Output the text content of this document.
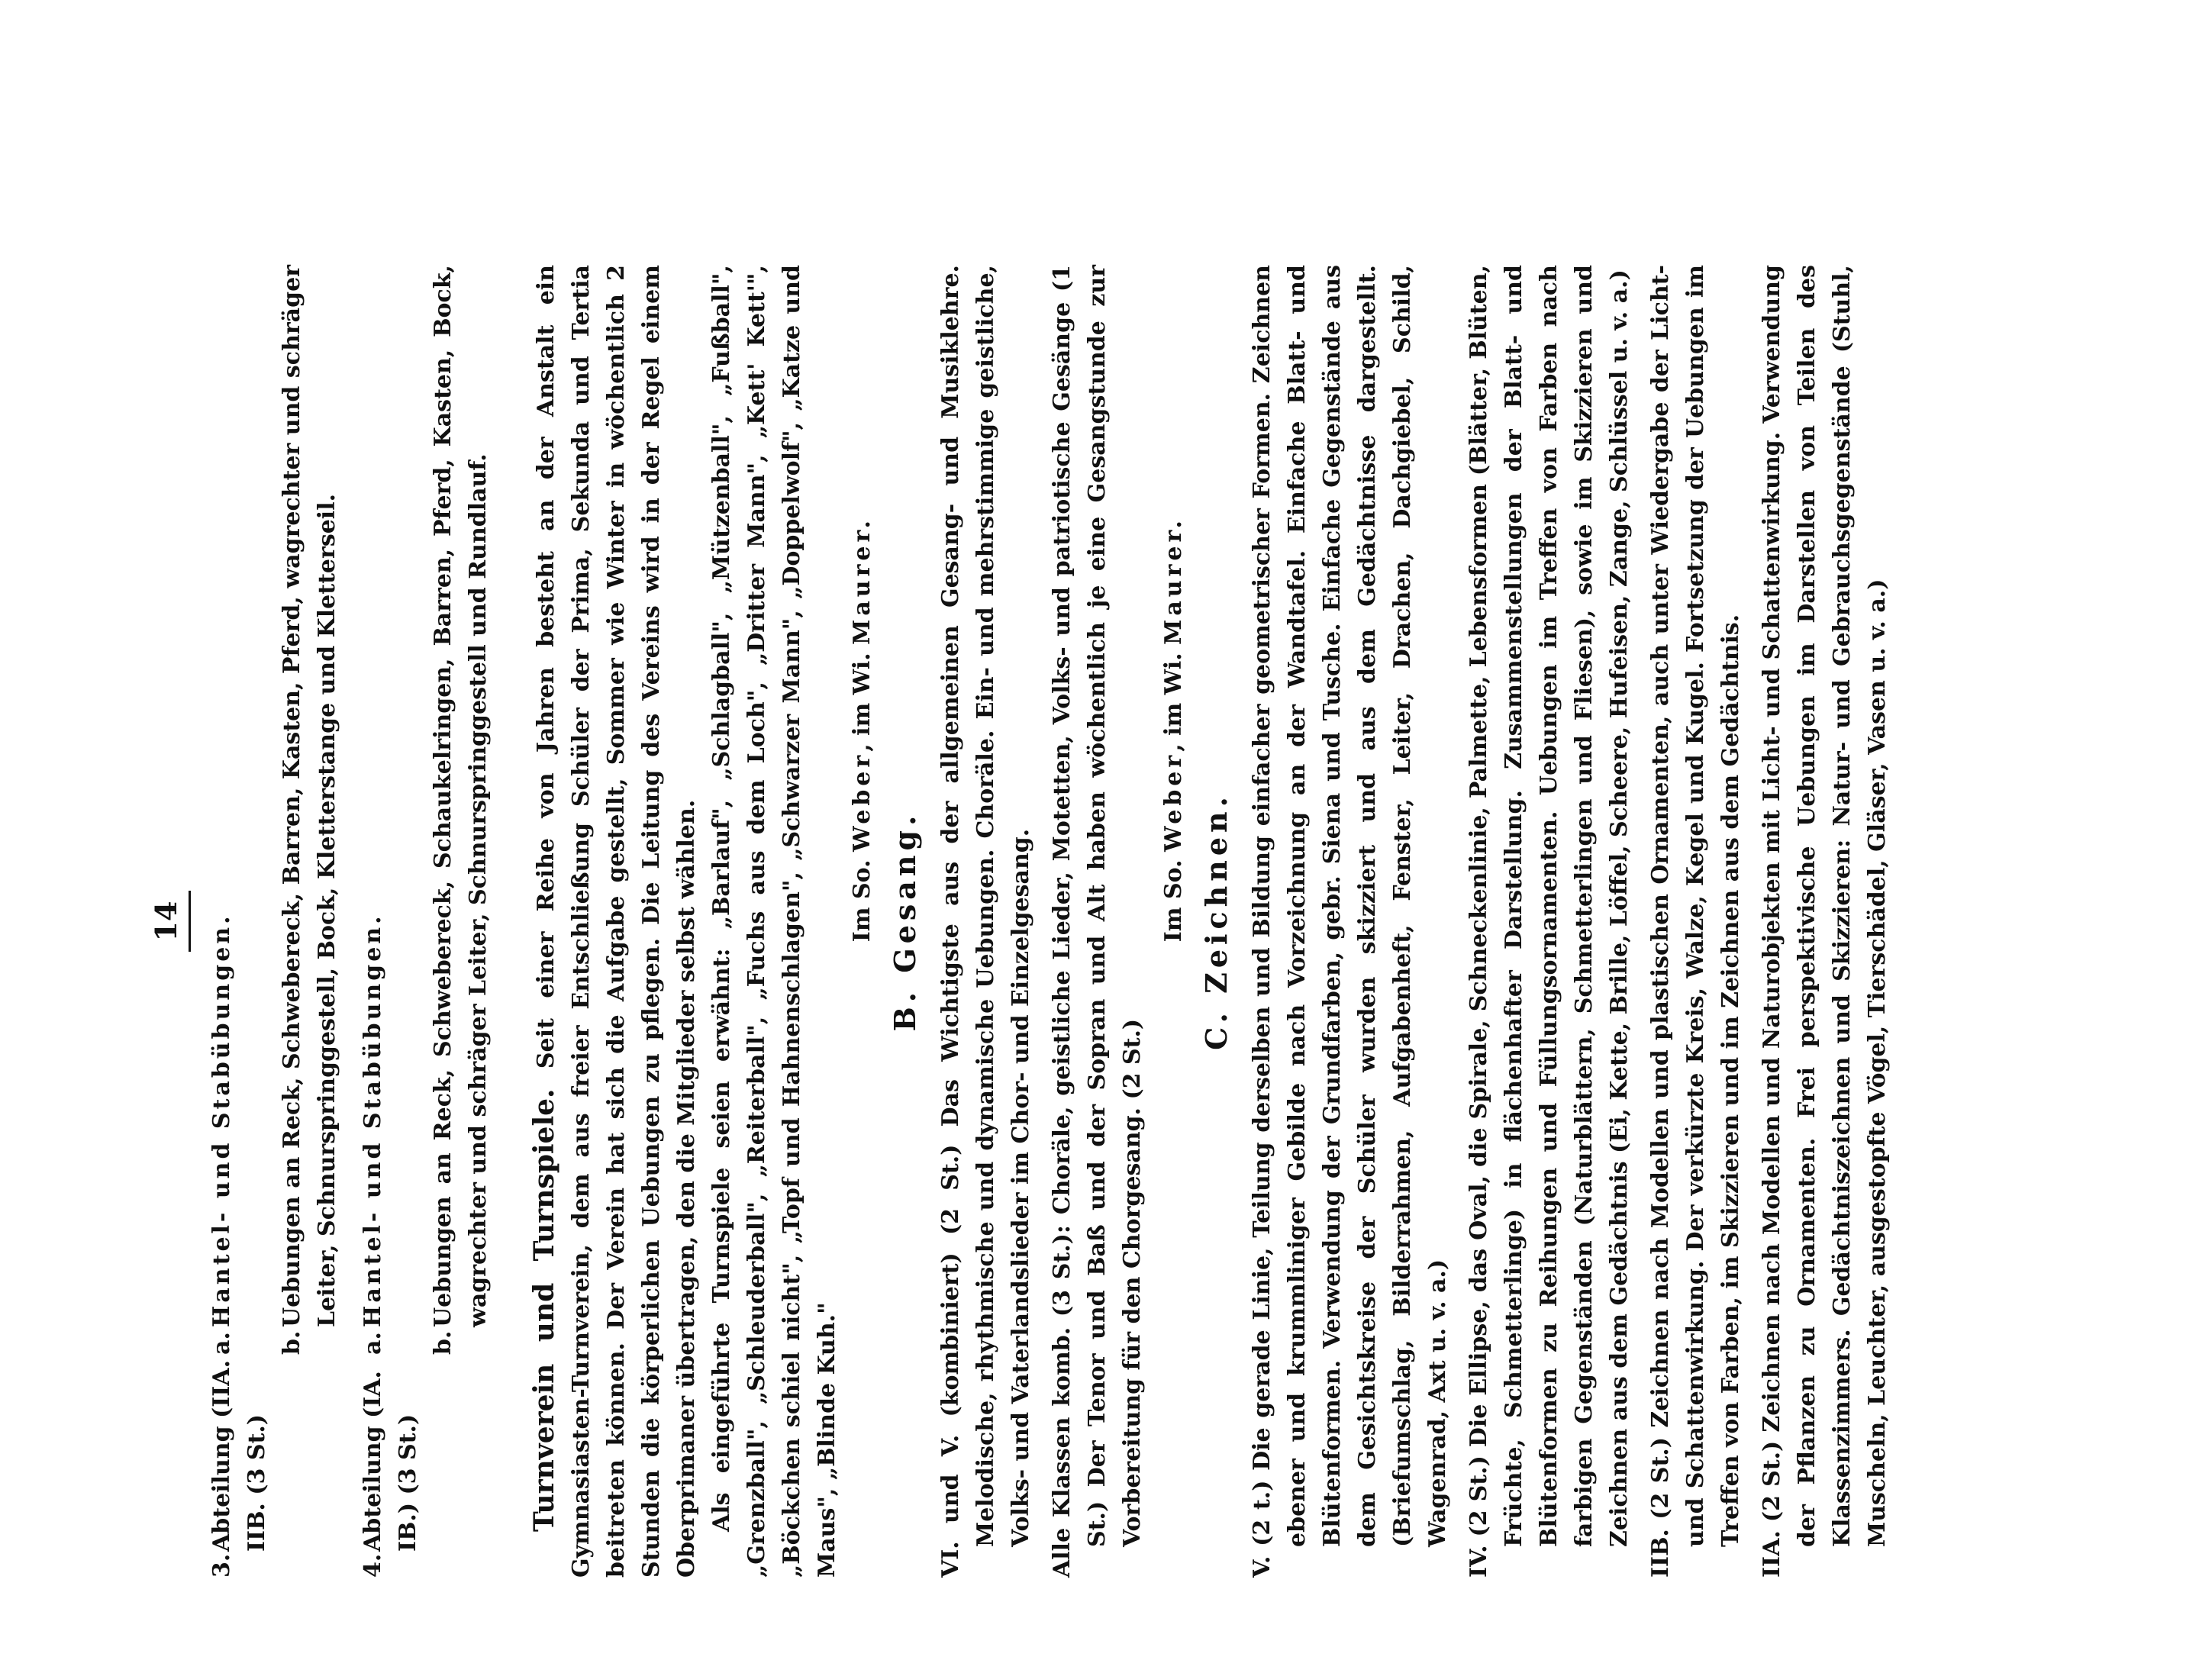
14
3.
Abteilung (IIA. IIB. (3 St.)
a.
Hantel- und Stabübungen.
b.
Uebungen an Reck, Schwebereck, Barren, Kasten, Pferd, wagrechter und schräger Leiter, Schnurspringgestell, Bock, Kletterstange und Kletterseil.
4.
Abteilung (IA. IB.) (3 St.)
a.
Hantel- und Stabübungen.
b.
Uebungen an Reck, Schwebereck, Schaukelringen, Barren, Pferd, Kasten, Bock, wagrechter und schräger Leiter, Schnurspringgestell und Rundlauf. Turnverein und Turnspiele. Seit einer Reihe von Jahren besteht an der Anstalt ein Gymnasiasten-Turnverein, dem aus freier Entschließung Schüler der Prima, Sekunda und Tertia beitreten können. Der Verein hat sich die Aufgabe gestellt, Sommer wie Winter in wöchentlich 2 Stunden die körperlichen Uebungen zu pflegen. Die Leitung des Vereins wird in der Regel einem Oberprimaner übertragen, den die Mitglieder selbst wählen. Als eingeführte Turnspiele seien erwähnt: „Barlauf", „Schlagball", „Mützenball", „Fußball", „Grenzball", „Schleuderball", „Reiterball", „Fuchs aus dem Loch", „Dritter Mann", „Kett' Kett'", „Böckchen schiel nicht", „Topf und Hahnenschlagen", „Schwarzer Mann", „Doppelwolf", „Katze und Maus", „Blinde Kuh."

Im So. Weber, im Wi. Maurer.
B. Gesang.

VI. und V. (kombiniert) (2 St.) Das Wichtigste aus der allgemeinen Gesang- und Musiklehre. Melodische, rhythmische und dynamische Uebungen. Choräle. Ein- und mehrstimmige geistliche, Volks- und Vaterlandslieder im Chor- und Einzelgesang. Alle Klassen komb. (3 St.): Choräle, geistliche Lieder, Motetten, Volks- und patriotische Gesänge (1 St.) Der Tenor und Baß und der Sopran und Alt haben wöchentlich je eine Gesangstunde zur Vorbereitung für den Chorgesang. (2 St.)

Im So. Weber, im Wi. Maurer.
C. Zeichnen.

V. (2 t.) Die gerade Linie, Teilung derselben und Bildung einfacher geometrischer Formen. Zeichnen ebener und krummliniger Gebilde nach Vorzeichnung an der Wandtafel. Einfache Blatt- und Blütenformen. Verwendung der Grundfarben, gebr. Siena und Tusche. Einfache Gegenstände aus dem Gesichtskreise der Schüler wurden skizziert und aus dem Gedächtnisse dargestellt. (Briefumschlag, Bilderrahmen, Aufgabenheft, Fenster, Leiter, Drachen, Dachgiebel, Schild, Wagenrad, Axt u. v. a.) IV. (2 St.) Die Ellipse, das Oval, die Spirale, Schneckenlinie, Palmette, Lebensformen (Blätter, Blüten, Früchte, Schmetterlinge) in flächenhafter Darstellung. Zusammenstellungen der Blatt- und Blütenformen zu Reihungen und Füllungsornamenten. Uebungen im Treffen von Farben nach farbigen Gegenständen (Naturblättern, Schmetterlingen und Fliesen), sowie im Skizzieren und Zeichnen aus dem Gedächtnis (Ei, Kette, Brille, Löffel, Scheere, Hufeisen, Zange, Schlüssel u. v. a.) IIB. (2 St.) Zeichnen nach Modellen und plastischen Ornamenten, auch unter Wiedergabe der Licht- und Schattenwirkung. Der verkürzte Kreis, Walze, Kegel und Kugel. Fortsetzung der Uebungen im Treffen von Farben, im Skizzieren und im Zeichnen aus dem Gedächtnis. IIA. (2 St.) Zeichnen nach Modellen und Naturobjekten mit Licht- und Schattenwirkung. Verwendung der Pflanzen zu Ornamenten. Frei perspektivische Uebungen im Darstellen von Teilen des Klassenzimmers. Gedächtniszeichnen und Skizzieren: Natur- und Gebrauchsgegenstände (Stuhl, Muscheln, Leuchter, ausgestopfte Vögel, Tierschädel, Gläser, Vasen u. v. a.)
